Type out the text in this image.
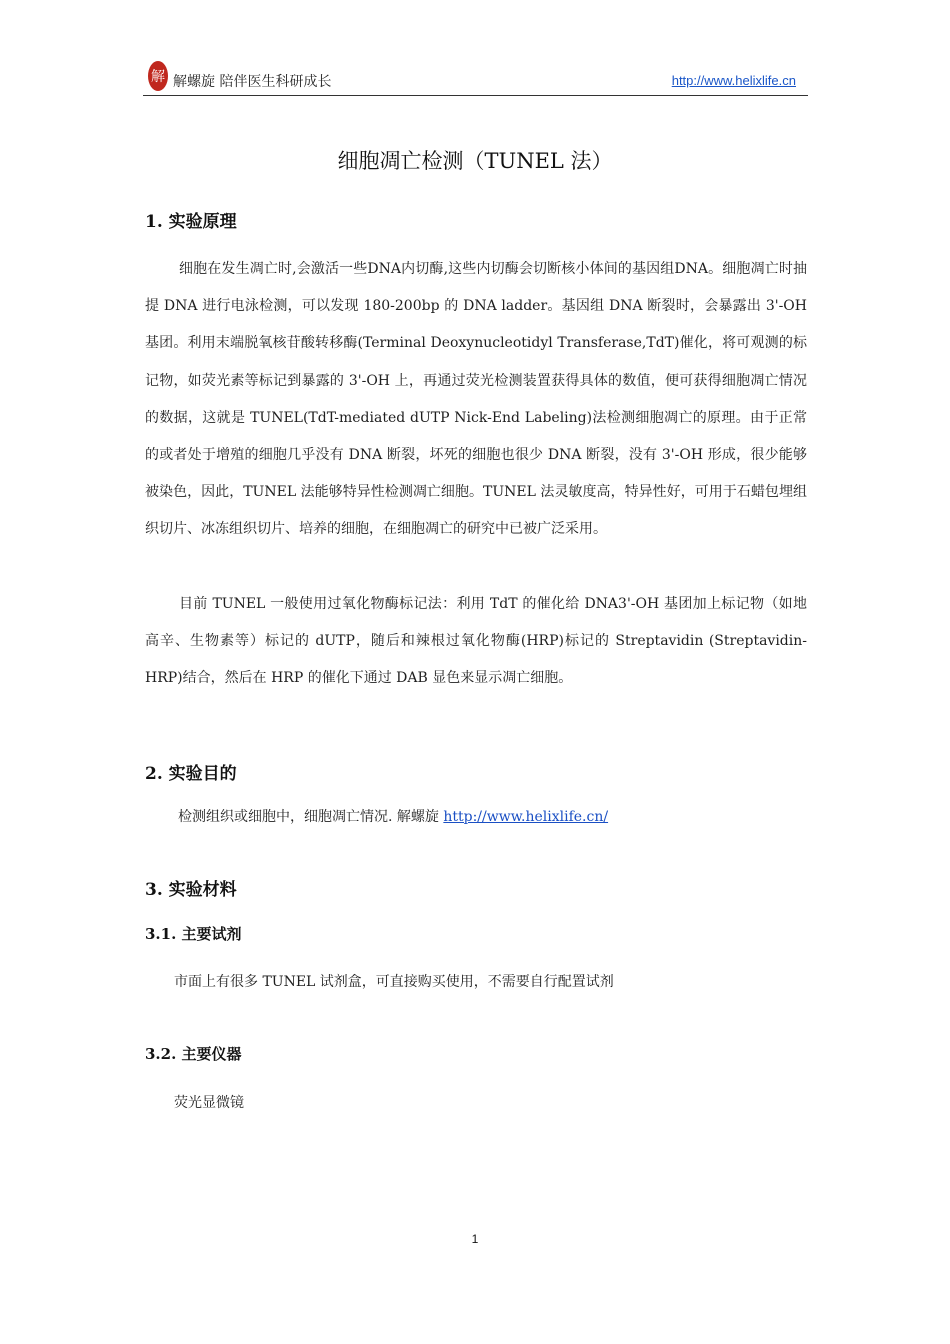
解 解螺旋 陪伴医生科研成长	http://www.helixlife.cn
细胞凋亡检测（TUNEL 法）
1. 实验原理
细胞在发生凋亡时,会激活一些DNA内切酶,这些内切酶会切断核小体间的基因组DNA。细胞凋亡时抽提 DNA 进行电泳检测，可以发现 180-200bp 的 DNA ladder。基因组 DNA 断裂时，会暴露出 3'-OH 基团。利用末端脱氧核苷酸转移酶(Terminal Deoxynucleotidyl Transferase,TdT)催化，将可观测的标记物，如荧光素等标记到暴露的 3'-OH 上，再通过荧光检测装置获得具体的数值，便可获得细胞凋亡情况的数据，这就是 TUNEL(TdT-mediated dUTP Nick-End Labeling)法检测细胞凋亡的原理。由于正常的或者处于增殖的细胞几乎没有 DNA 断裂，坏死的细胞也很少 DNA 断裂，没有 3'-OH 形成，很少能够被染色，因此，TUNEL 法能够特异性检测凋亡细胞。TUNEL 法灵敏度高，特异性好，可用于石蜡包埋组织切片、冰冻组织切片、培养的细胞，在细胞凋亡的研究中已被广泛采用。
目前 TUNEL 一般使用过氧化物酶标记法：利用 TdT 的催化给 DNA3'-OH 基团加上标记物（如地高辛、生物素等）标记的 dUTP，随后和辣根过氧化物酶(HRP)标记的 Streptavidin (Streptavidin-HRP)结合，然后在 HRP 的催化下通过 DAB 显色来显示凋亡细胞。
2. 实验目的
检测组织或细胞中，细胞凋亡情况. 解螺旋 http://www.helixlife.cn/
3. 实验材料
3.1. 主要试剂
市面上有很多 TUNEL 试剂盒，可直接购买使用，不需要自行配置试剂
3.2. 主要仪器
荧光显微镜
1
